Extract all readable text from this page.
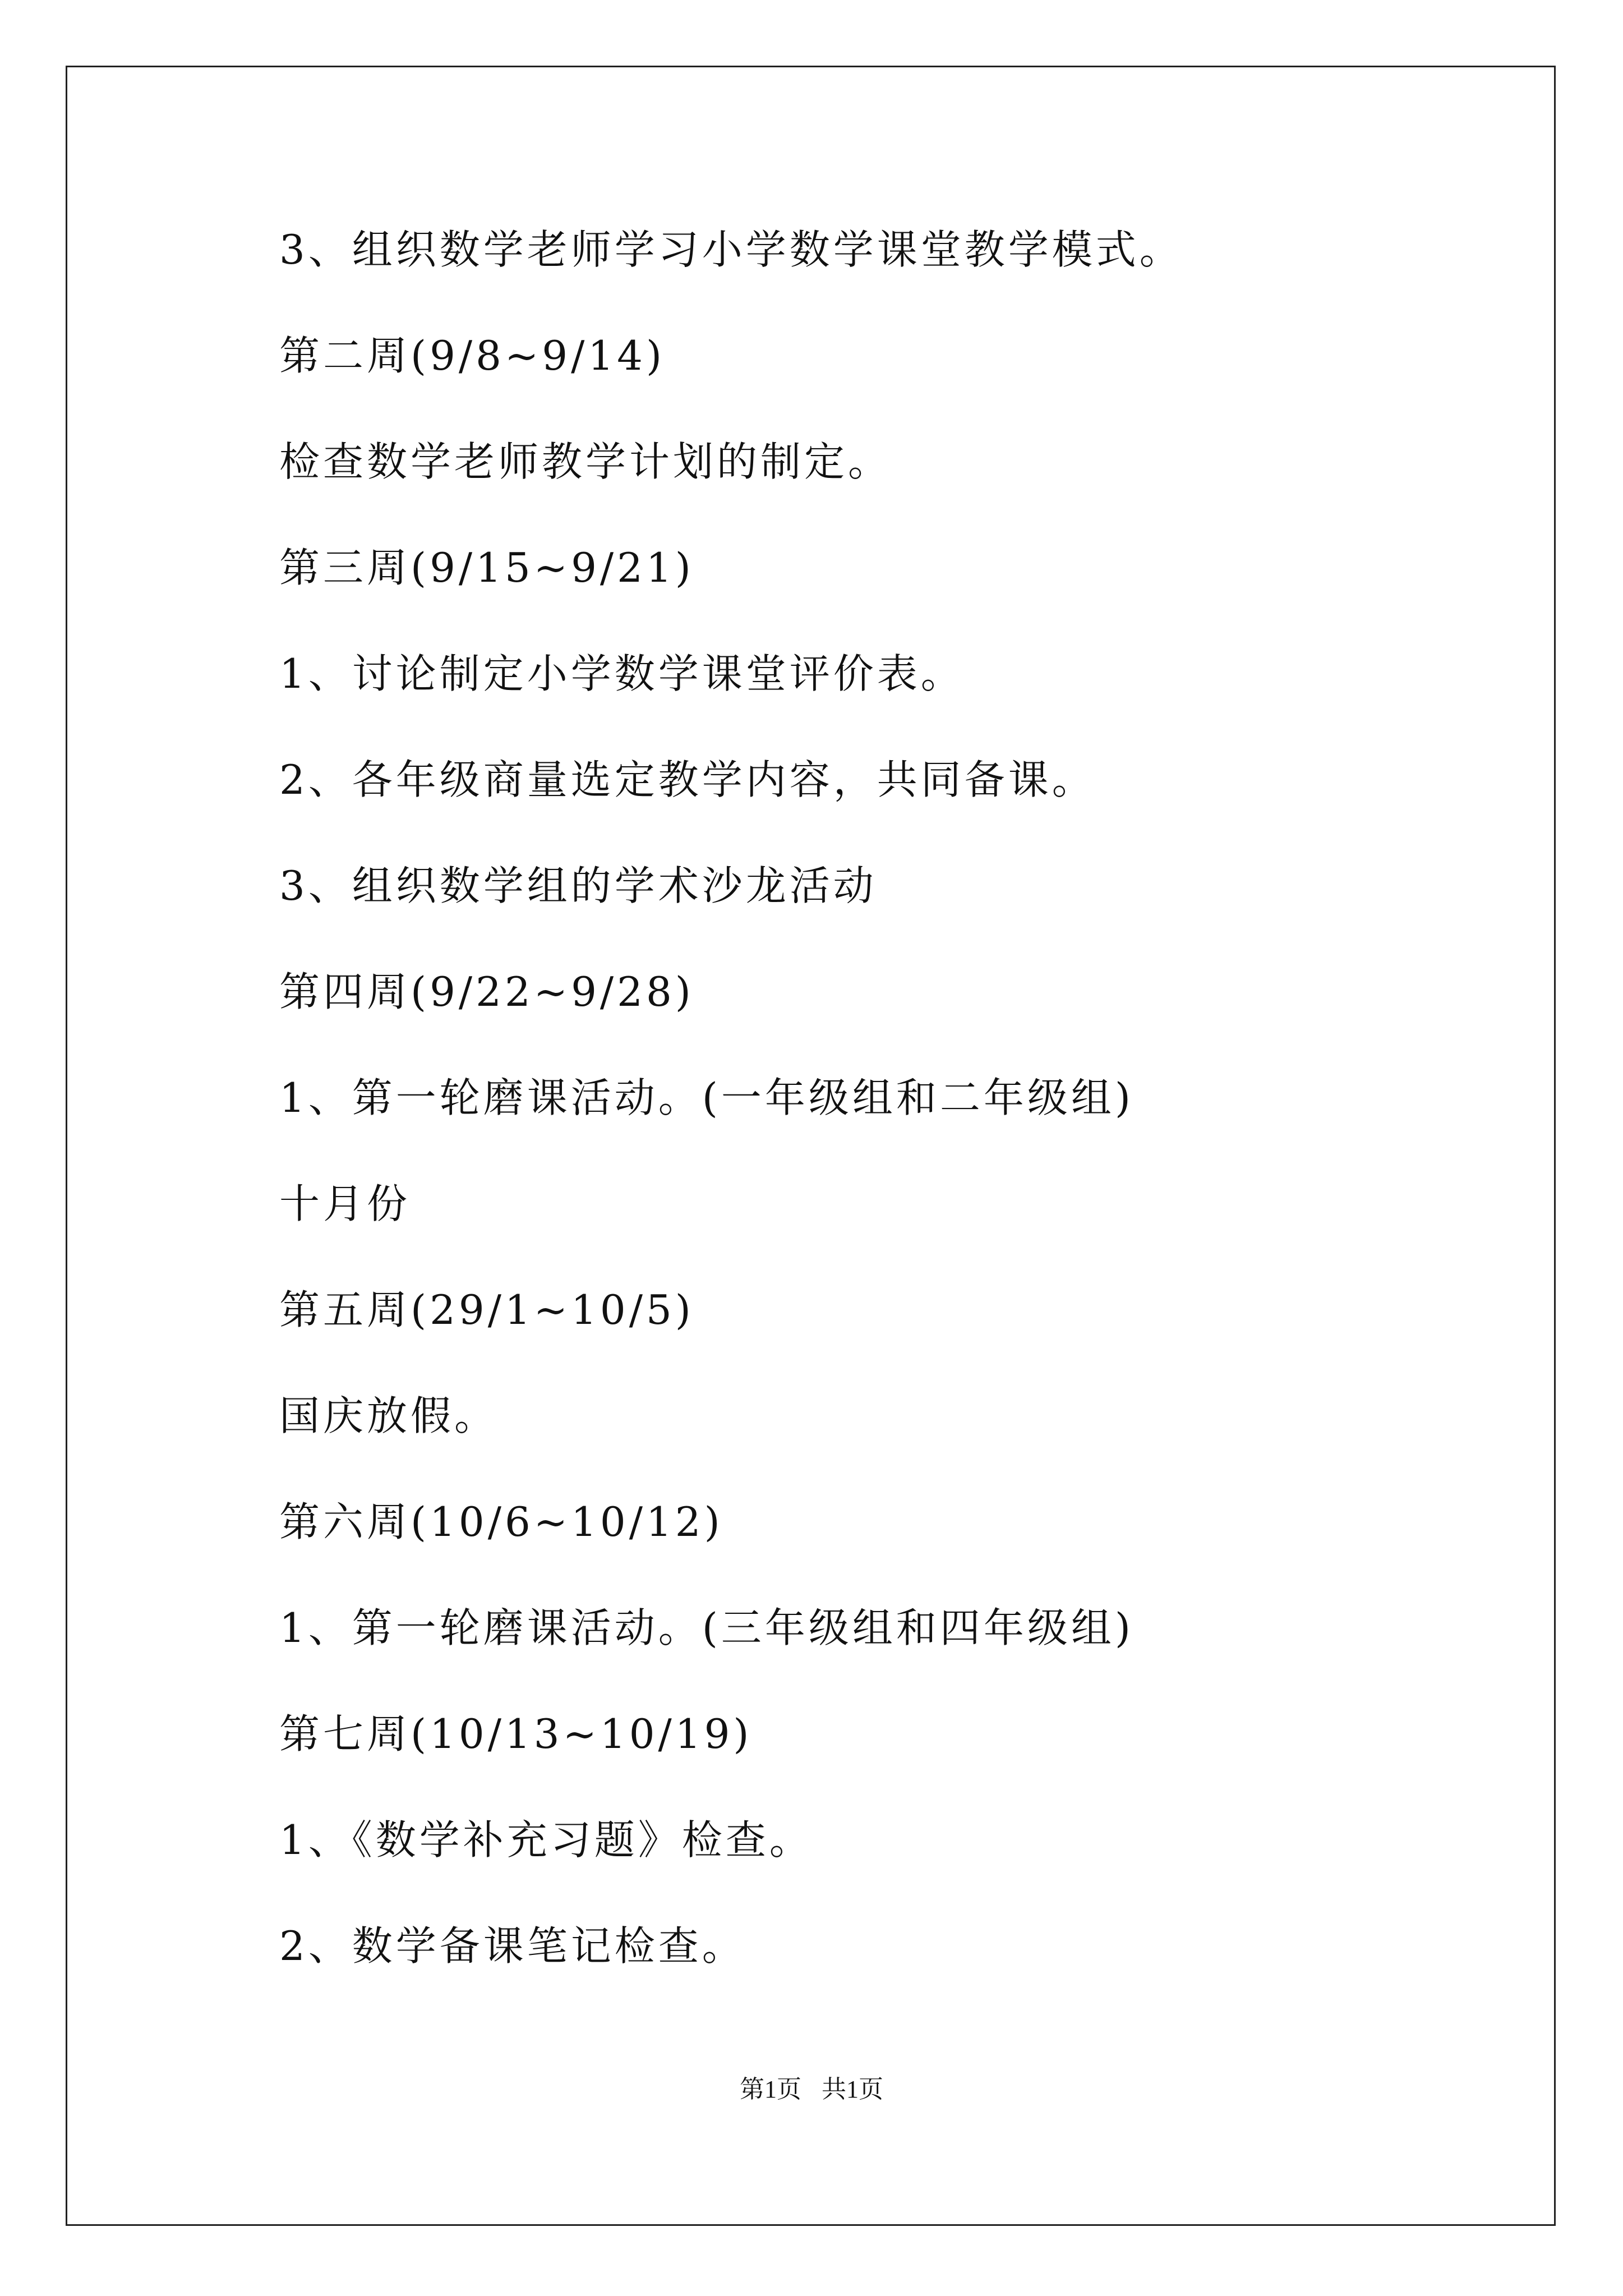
3、组织数学老师学习小学数学课堂教学模式。
第二周(9/8~9/14)
检查数学老师教学计划的制定。
第三周(9/15~9/21)
1、讨论制定小学数学课堂评价表。
2、各年级商量选定教学内容，共同备课。
3、组织数学组的学术沙龙活动
第四周(9/22~9/28)
1、第一轮磨课活动。(一年级组和二年级组)
十月份
第五周(29/1~10/5)
国庆放假。
第六周(10/6~10/12)
1、第一轮磨课活动。(三年级组和四年级组)
第七周(10/13~10/19)
1、《数学补充习题》检查。
2、数学备课笔记检查。
第1页 共1页
